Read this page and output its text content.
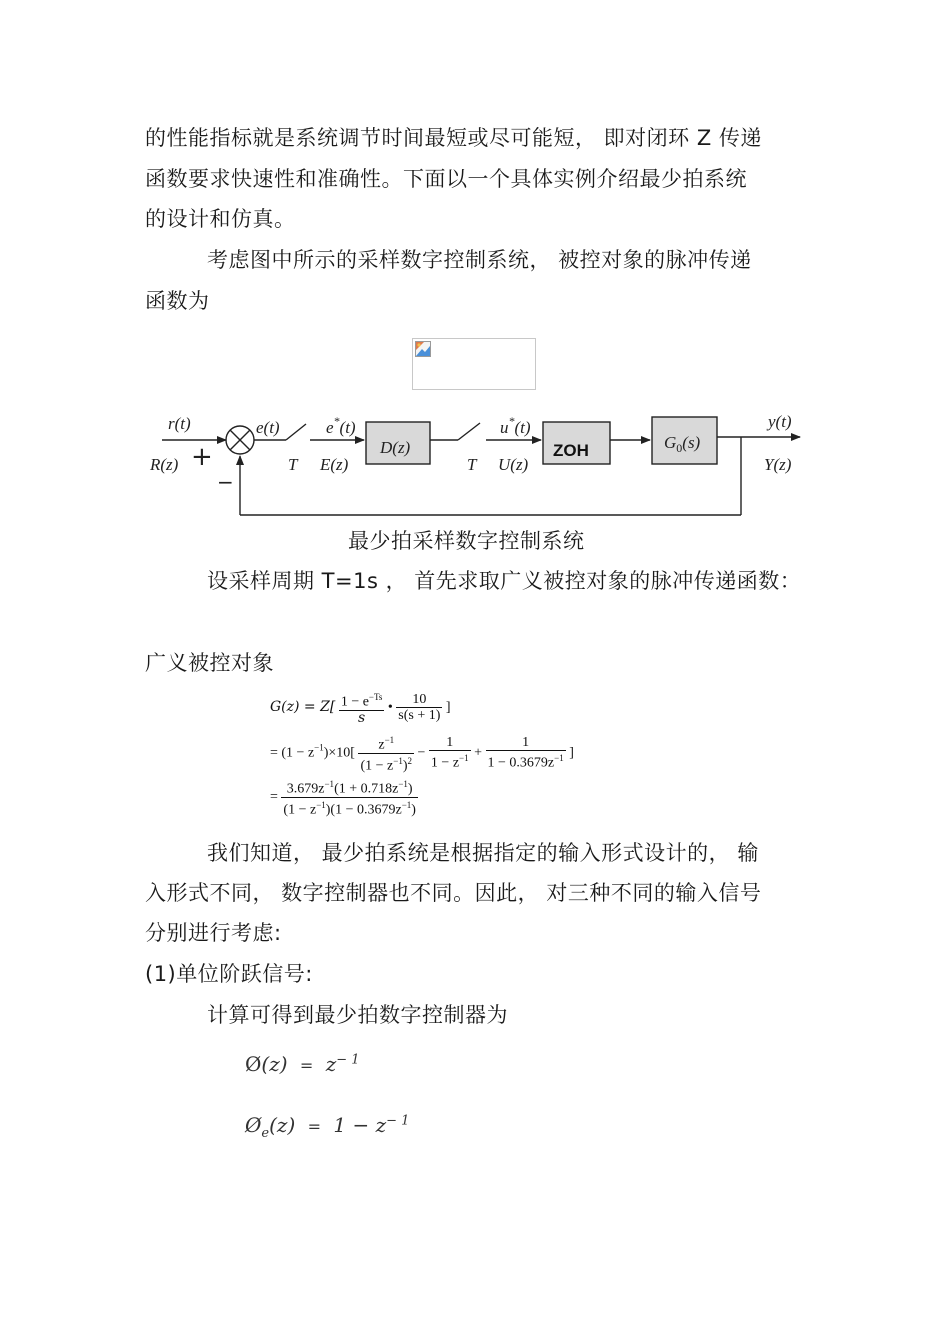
的性能指标就是系统调节时间最短或尽可能短， 即对闭环 Z 传递
函数要求快速性和准确性。下面以一个具体实例介绍最少拍系统
的设计和仿真。
考虑图中所示的采样数字控制系统， 被控对象的脉冲传递
函数为
r(t)
R(z)
e(t)
T
e*(t)
E(z)
D(z)
T
u*(t)
U(z)
$G_0(s)$
y(t)
Y(z)
ZOH
+
−
最少拍采样数字控制系统
设采样周期 T=1s ， 首先求取广义被控对象的脉冲传递函数：
广义被控对象
$G(z) = Z[ \frac{1 - e^{-Ts}}{s}$ • $\frac{10}{s(s + 1)}$ ]
= $(1 - z^{-1})\times 10[ \frac{z^{-1}}{(1 - z^{-1})^2} - \frac{1}{1 - z^{-1}} + \frac{1}{1 - 0.3679z^{-1}}$ ]
= $\frac{3.679z^{-1}(1 + 0.718z^{-1})}{(1 - z^{-1})(1 - 0.3679z^{-1})}$
我们知道， 最少拍系统是根据指定的输入形式设计的， 输
入形式不同， 数字控制器也不同。因此， 对三种不同的输入信号
分别进行考虑:
(1)单位阶跃信号:
计算可得到最少拍数字控制器为
Ø(z) = $z^{- 1}$
$Ø_e(z) = 1 - z^{- 1}$
